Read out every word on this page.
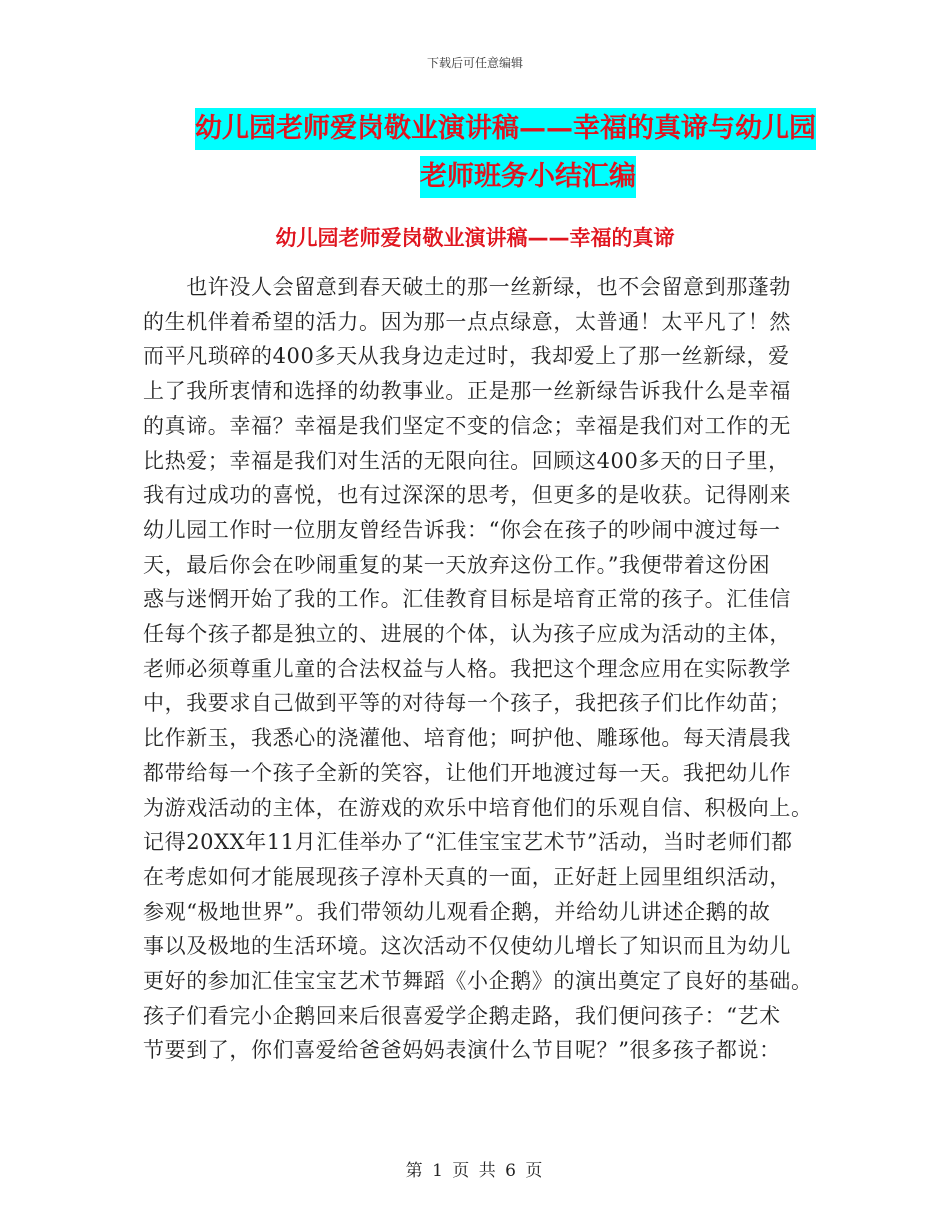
下载后可任意编辑
幼儿园老师爱岗敬业演讲稿——幸福的真谛与幼儿园
老师班务小结汇编
幼儿园老师爱岗敬业演讲稿——幸福的真谛
　　也许没人会留意到春天破土的那一丝新绿，也不会留意到那蓬勃
的生机伴着希望的活力。因为那一点点绿意，太普通！太平凡了！然
而平凡琐碎的400多天从我身边走过时，我却爱上了那一丝新绿，爱
上了我所衷情和选择的幼教事业。正是那一丝新绿告诉我什么是幸福
的真谛。幸福？幸福是我们坚定不变的信念；幸福是我们对工作的无
比热爱；幸福是我们对生活的无限向往。回顾这400多天的日子里，
我有过成功的喜悦，也有过深深的思考，但更多的是收获。记得刚来
幼儿园工作时一位朋友曾经告诉我：“你会在孩子的吵闹中渡过每一
天，最后你会在吵闹重复的某一天放弃这份工作。”我便带着这份困
惑与迷惘开始了我的工作。汇佳教育目标是培育正常的孩子。汇佳信
任每个孩子都是独立的、进展的个体，认为孩子应成为活动的主体，
老师必须尊重儿童的合法权益与人格。我把这个理念应用在实际教学
中，我要求自己做到平等的对待每一个孩子，我把孩子们比作幼苗；
比作新玉，我悉心的浇灌他、培育他；呵护他、雕琢他。每天清晨我
都带给每一个孩子全新的笑容，让他们开地渡过每一天。我把幼儿作
为游戏活动的主体，在游戏的欢乐中培育他们的乐观自信、积极向上。
记得20XX年11月汇佳举办了“汇佳宝宝艺术节”活动，当时老师们都
在考虑如何才能展现孩子淳朴天真的一面，正好赶上园里组织活动，
参观“极地世界”。我们带领幼儿观看企鹅，并给幼儿讲述企鹅的故
事以及极地的生活环境。这次活动不仅使幼儿增长了知识而且为幼儿
更好的参加汇佳宝宝艺术节舞蹈《小企鹅》的演出奠定了良好的基础。
孩子们看完小企鹅回来后很喜爱学企鹅走路，我们便问孩子：“艺术
节要到了，你们喜爱给爸爸妈妈表演什么节目呢？”很多孩子都说：
第 1 页 共 6 页
